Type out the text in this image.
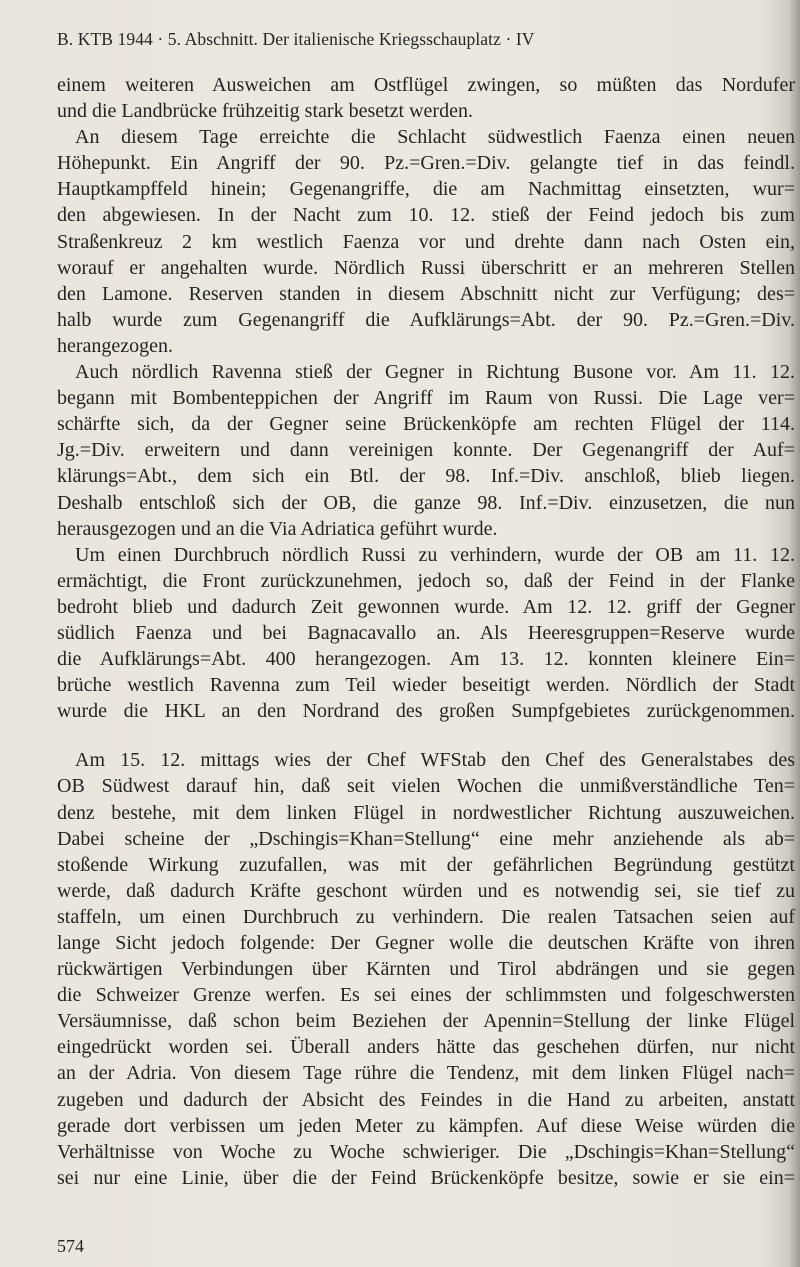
B. KTB 1944 · 5. Abschnitt. Der italienische Kriegsschauplatz · IV
einem weiteren Ausweichen am Ostflügel zwingen, so müßten das Nordufer
und die Landbrücke frühzeitig stark besetzt werden.
An diesem Tage erreichte die Schlacht südwestlich Faenza einen neuen
Höhepunkt. Ein Angriff der 90. Pz.=Gren.=Div. gelangte tief in das feindl.
Hauptkampffeld hinein; Gegenangriffe, die am Nachmittag einsetzten, wur=
den abgewiesen. In der Nacht zum 10. 12. stieß der Feind jedoch bis zum
Straßenkreuz 2 km westlich Faenza vor und drehte dann nach Osten ein,
worauf er angehalten wurde. Nördlich Russi überschritt er an mehreren Stellen
den Lamone. Reserven standen in diesem Abschnitt nicht zur Verfügung; des=
halb wurde zum Gegenangriff die Aufklärungs=Abt. der 90. Pz.=Gren.=Div.
herangezogen.
Auch nördlich Ravenna stieß der Gegner in Richtung Busone vor. Am 11. 12.
begann mit Bombenteppichen der Angriff im Raum von Russi. Die Lage ver=
schärfte sich, da der Gegner seine Brückenköpfe am rechten Flügel der 114.
Jg.=Div. erweitern und dann vereinigen konnte. Der Gegenangriff der Auf=
klärungs=Abt., dem sich ein Btl. der 98. Inf.=Div. anschloß, blieb liegen.
Deshalb entschloß sich der OB, die ganze 98. Inf.=Div. einzusetzen, die nun
herausgezogen und an die Via Adriatica geführt wurde.
Um einen Durchbruch nördlich Russi zu verhindern, wurde der OB am 11. 12.
ermächtigt, die Front zurückzunehmen, jedoch so, daß der Feind in der Flanke
bedroht blieb und dadurch Zeit gewonnen wurde. Am 12. 12. griff der Gegner
südlich Faenza und bei Bagnacavallo an. Als Heeresgruppen=Reserve wurde
die Aufklärungs=Abt. 400 herangezogen. Am 13. 12. konnten kleinere Ein=
brüche westlich Ravenna zum Teil wieder beseitigt werden. Nördlich der Stadt
wurde die HKL an den Nordrand des großen Sumpfgebietes zurückgenommen.
Am 15. 12. mittags wies der Chef WFStab den Chef des Generalstabes des
OB Südwest darauf hin, daß seit vielen Wochen die unmißverständliche Ten=
denz bestehe, mit dem linken Flügel in nordwestlicher Richtung auszuweichen.
Dabei scheine der „Dschingis=Khan=Stellung“ eine mehr anziehende als ab=
stoßende Wirkung zuzufallen, was mit der gefährlichen Begründung gestützt
werde, daß dadurch Kräfte geschont würden und es notwendig sei, sie tief zu
staffeln, um einen Durchbruch zu verhindern. Die realen Tatsachen seien auf
lange Sicht jedoch folgende: Der Gegner wolle die deutschen Kräfte von ihren
rückwärtigen Verbindungen über Kärnten und Tirol abdrängen und sie gegen
die Schweizer Grenze werfen. Es sei eines der schlimmsten und folgeschwersten
Versäumnisse, daß schon beim Beziehen der Apennin=Stellung der linke Flügel
eingedrückt worden sei. Überall anders hätte das geschehen dürfen, nur nicht
an der Adria. Von diesem Tage rühre die Tendenz, mit dem linken Flügel nach=
zugeben und dadurch der Absicht des Feindes in die Hand zu arbeiten, anstatt
gerade dort verbissen um jeden Meter zu kämpfen. Auf diese Weise würden die
Verhältnisse von Woche zu Woche schwieriger. Die „Dschingis=Khan=Stellung“
sei nur eine Linie, über die der Feind Brückenköpfe besitze, sowie er sie ein=
574
